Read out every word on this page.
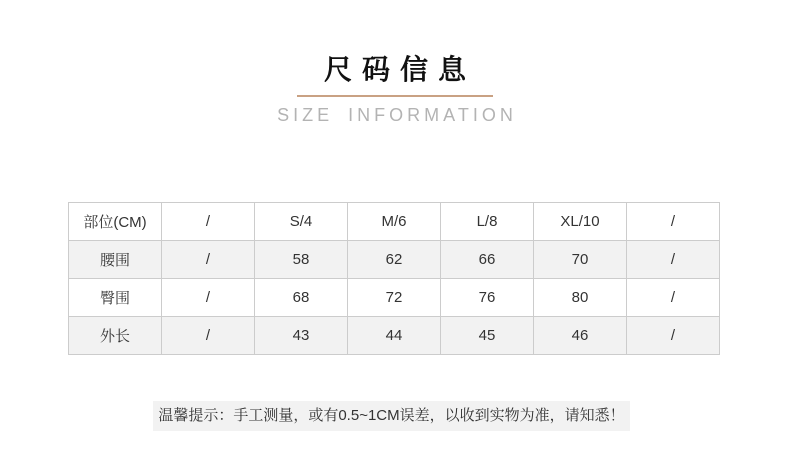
尺码信息
SIZE INFORMATION
部位(CM)	/	S/4	M/6	L/8	XL/10	/
腰围	/	58	62	66	70	/
臀围	/	68	72	76	80	/
外长	/	43	44	45	46	/
温馨提示：手工测量，或有0.5~1CM误差，以收到实物为准，请知悉！
